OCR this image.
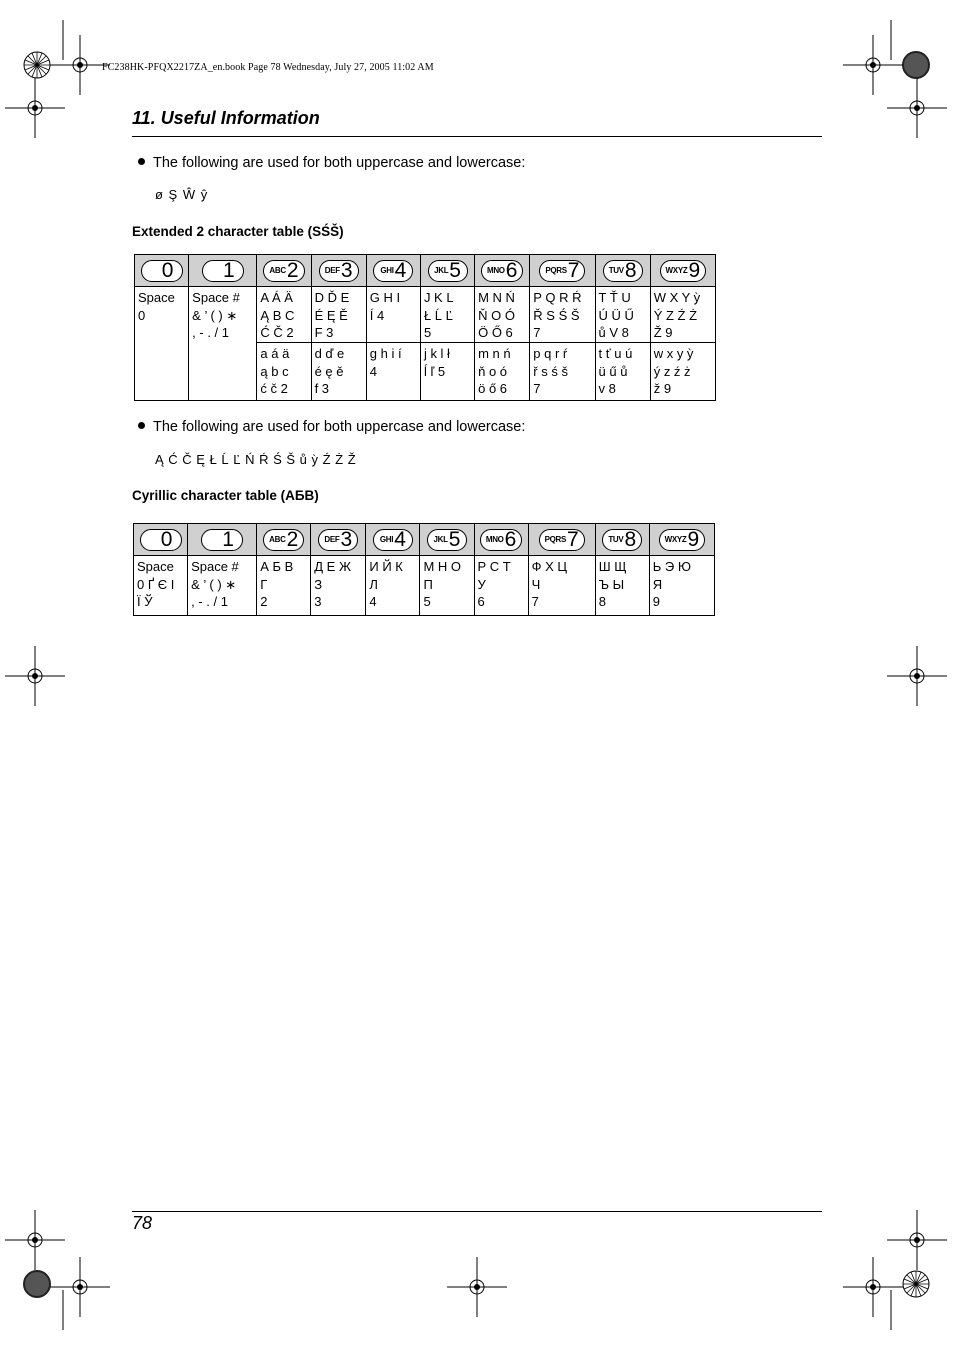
FC238HK-PFQX2217ZA_en.book Page 78 Wednesday, July 27, 2005 11:02 AM
11. Useful Information
The following are used for both uppercase and lowercase:
ø Ş Ŵ ŷ
Extended 2 character table (SŚŠ)
0	1	ABC 2	DEF 3	GHI 4	JKL 5	MNO 6	PQRS 7	TUV 8	WXYZ 9

Space
0	Space #
& ’ ( ) ∗
, - . / 1	A Á Ä
Ą B C
Ć Č 2	D Ď E
É Ę Ě
F 3	G H I
Í 4	J K L
Ł Ĺ Ľ
5	M N Ń
Ň O Ó
Ö Ő 6	P Q R Ŕ
Ř S Ś Š
7	T Ť U
Ú Ü Ű
ů V 8	W X Y ỳ
Ý Z Ź Ż
Ž 9
		a á ä
ą b c
ć č 2	d ď e
é ę ě
f 3	g h i í
4	j k l ł
ĺ ľ 5	m n ń
ň o ó
ö ő 6	p q r ŕ
ř s ś š
7	t ť u ú
ü ű ů
v 8	w x y ỳ
ý z ź ż
ž 9
The following are used for both uppercase and lowercase:
Ą Ć Č Ę Ł Ĺ Ľ Ń Ŕ Ś Š ů ỳ Ź Ż Ž
Cyrillic character table (АБВ)
0	1	ABC 2	DEF 3	GHI 4	JKL 5	MNO 6	PQRS 7	TUV 8	WXYZ 9

Space
0 Ґ Є І
Ї Ў	Space #
& ’ ( ) ∗
, - . / 1	А Б В
Г
2	Д Е Ж
З
3	И Й К
Л
4	М Н О
П
5	Р С Т
У
6	Ф Х Ц
Ч
7	Ш Щ
Ъ Ы
8	Ь Э Ю
Я
9
78
